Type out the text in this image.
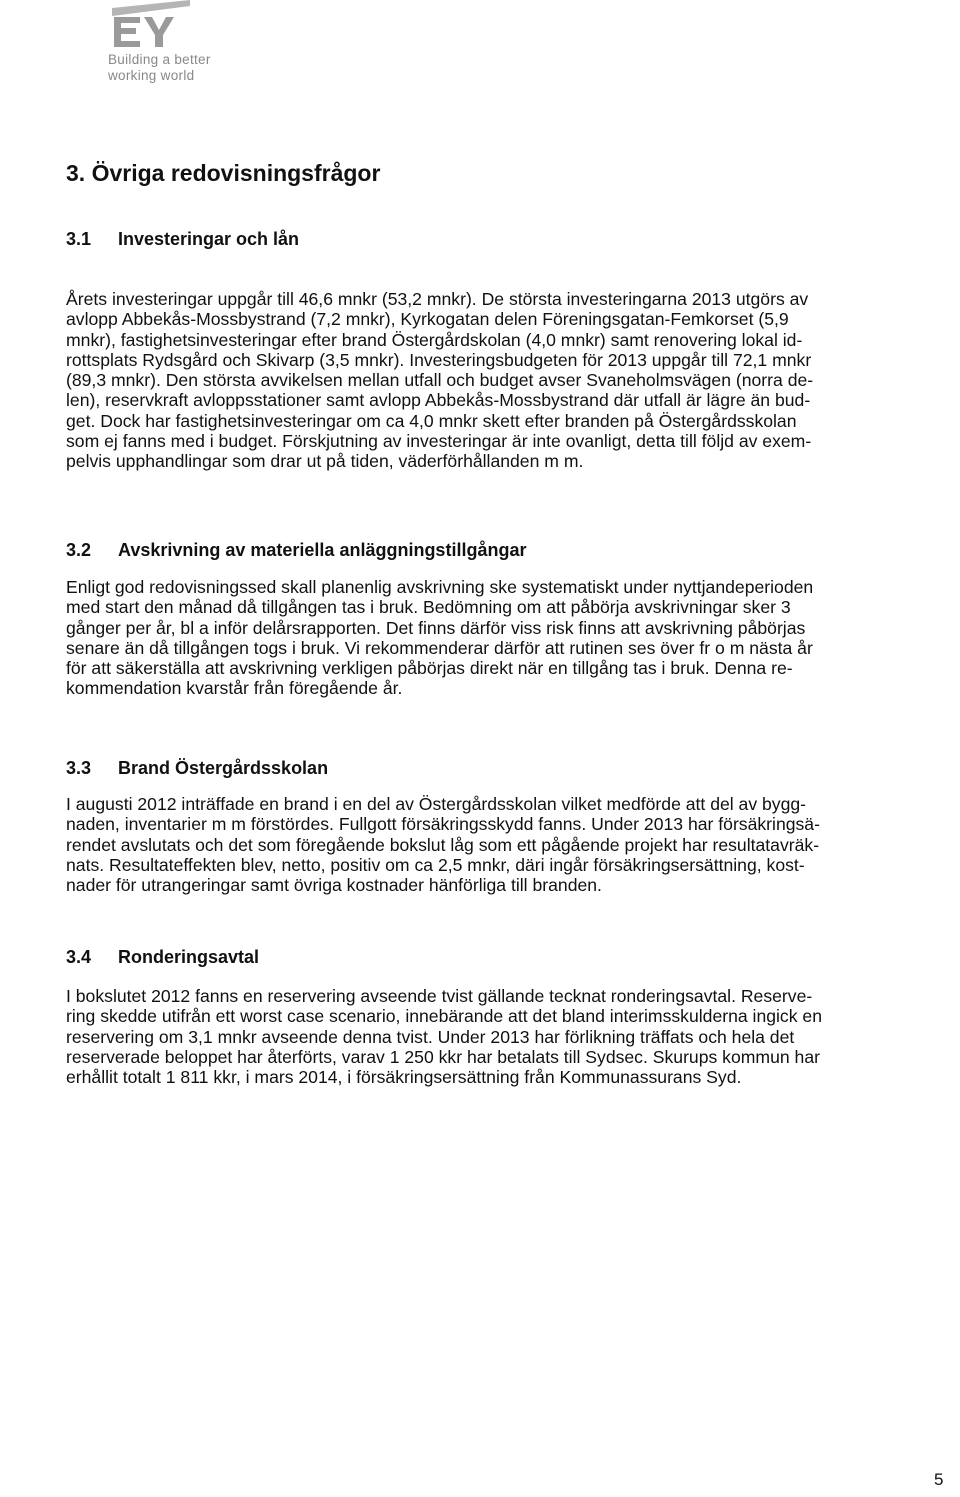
Building a better
working world
3. Övriga redovisningsfrågor
3.1 Investeringar och lån

Årets investeringar uppgår till 46,6 mnkr (53,2 mnkr). De största investeringarna 2013 utgörs av
avlopp Abbekås-Mossbystrand (7,2 mnkr), Kyrkogatan delen Föreningsgatan-Femkorset (5,9
mnkr), fastighetsinvesteringar efter brand Östergårdskolan (4,0 mnkr) samt renovering lokal id-
rottsplats Rydsgård och Skivarp (3,5 mnkr). Investeringsbudgeten för 2013 uppgår till 72,1 mnkr
(89,3 mnkr). Den största avvikelsen mellan utfall och budget avser Svaneholmsvägen (norra de-
len), reservkraft avloppsstationer samt avlopp Abbekås-Mossbystrand där utfall är lägre än bud-
get. Dock har fastighetsinvesteringar om ca 4,0 mnkr skett efter branden på Östergårdsskolan
som ej fanns med i budget. Förskjutning av investeringar är inte ovanligt, detta till följd av exem-
pelvis upphandlingar som drar ut på tiden, väderförhållanden m m.

3.2 Avskrivning av materiella anläggningstillgångar

Enligt god redovisningssed skall planenlig avskrivning ske systematiskt under nyttjandeperioden
med start den månad då tillgången tas i bruk. Bedömning om att påbörja avskrivningar sker 3
gånger per år, bl a inför delårsrapporten. Det finns därför viss risk finns att avskrivning påbörjas
senare än då tillgången togs i bruk. Vi rekommenderar därför att rutinen ses över fr o m nästa år
för att säkerställa att avskrivning verkligen påbörjas direkt när en tillgång tas i bruk. Denna re-
kommendation kvarstår från föregående år.

3.3 Brand Östergårdsskolan

I augusti 2012 inträffade en brand i en del av Östergårdsskolan vilket medförde att del av bygg-
naden, inventarier m m förstördes. Fullgott försäkringsskydd fanns. Under 2013 har försäkringsä-
rendet avslutats och det som föregående bokslut låg som ett pågående projekt har resultatavräk-
nats. Resultateffekten blev, netto, positiv om ca 2,5 mnkr, däri ingår försäkringsersättning, kost-
nader för utrangeringar samt övriga kostnader hänförliga till branden.

3.4 Ronderingsavtal

I bokslutet 2012 fanns en reservering avseende tvist gällande tecknat ronderingsavtal. Reserve-
ring skedde utifrån ett worst case scenario, innebärande att det bland interimsskulderna ingick en
reservering om 3,1 mnkr avseende denna tvist. Under 2013 har förlikning träffats och hela det
reserverade beloppet har återförts, varav 1 250 kkr har betalats till Sydsec. Skurups kommun har
erhållit totalt 1 811 kkr, i mars 2014, i försäkringsersättning från Kommunassurans Syd.

5
